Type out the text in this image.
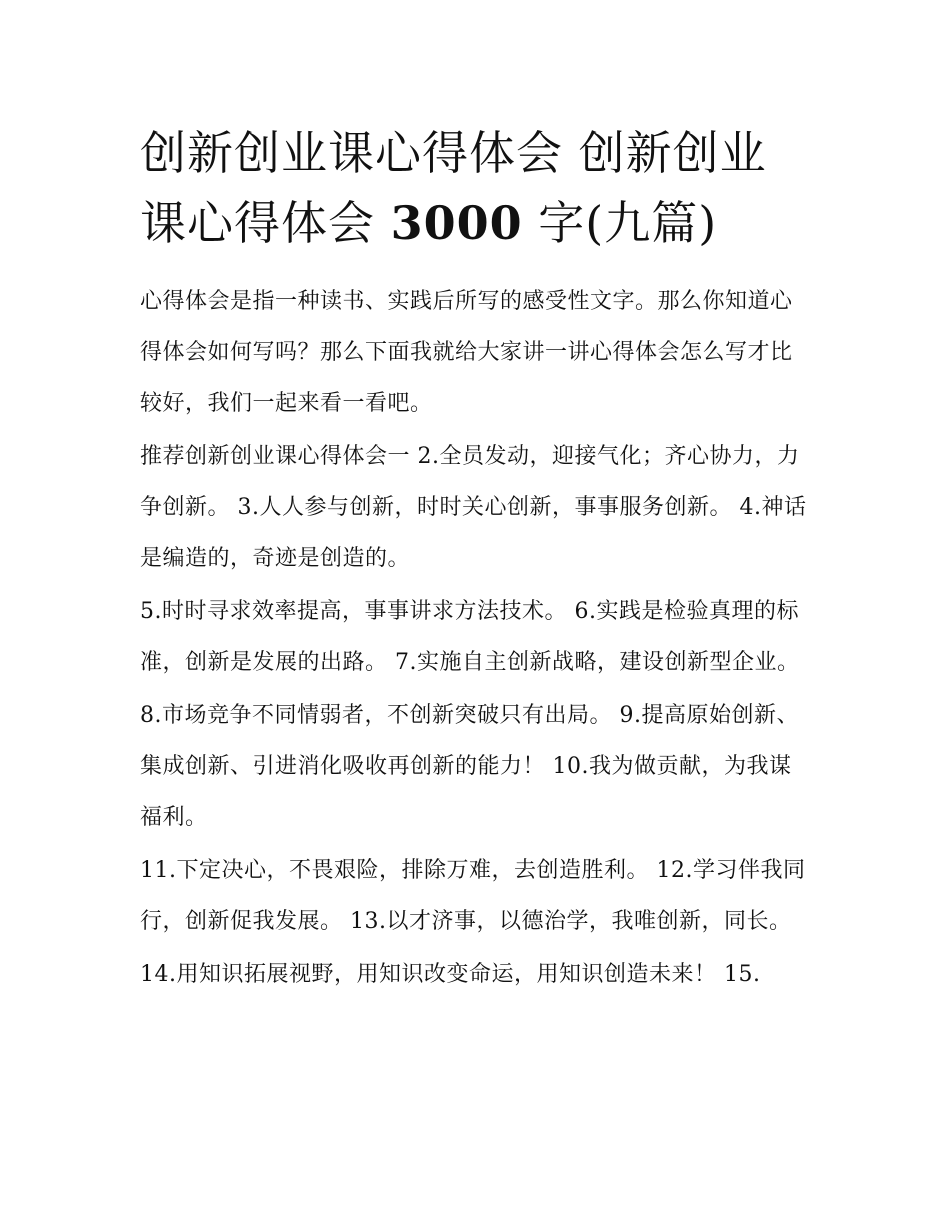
创新创业课心得体会 创新创业课心得体会 3000 字(九篇)

心得体会是指一种读书、实践后所写的感受性文字。那么你知道心得体会如何写吗？那么下面我就给大家讲一讲心得体会怎么写才比较好，我们一起来看一看吧。

推荐创新创业课心得体会一 2.全员发动，迎接气化；齐心协力，力争创新。 3.人人参与创新，时时关心创新，事事服务创新。 4.神话是编造的，奇迹是创造的。

5.时时寻求效率提高，事事讲求方法技术。 6.实践是检验真理的标准，创新是发展的出路。 7.实施自主创新战略，建设创新型企业。

8.市场竞争不同情弱者，不创新突破只有出局。 9.提高原始创新、集成创新、引进消化吸收再创新的能力！ 10.我为做贡献，为我谋福利。

11.下定决心，不畏艰险，排除万难，去创造胜利。 12.学习伴我同行，创新促我发展。 13.以才济事，以德治学，我唯创新，同长。

14.用知识拓展视野，用知识改变命运，用知识创造未来！ 15.
